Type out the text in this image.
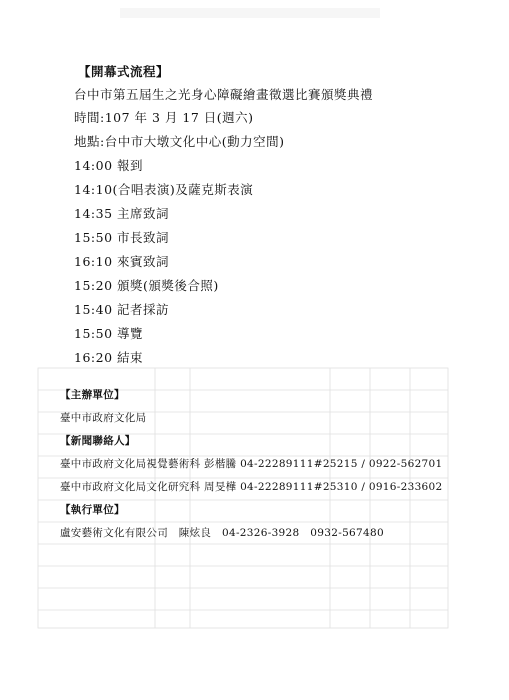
【開幕式流程】
台中市第五屆生之光身心障礙繪畫徵選比賽頒獎典禮
時間:107 年 3 月 17 日(週六)
地點:台中市大墩文化中心(動力空間)
14:00 報到
14:10(合唱表演)及薩克斯表演
14:35 主席致詞
15:50 市長致詞
16:10 來賓致詞
15:20 頒獎(頒獎後合照)
15:40 記者採訪
15:50 導覽
16:20 結束
【主辦單位】
臺中市政府文化局
【新聞聯絡人】
臺中市政府文化局視覺藝術科 彭楷騰 04-22289111#25215 / 0922-562701
臺中市政府文化局文化研究科 周旻樺 04-22289111#25310 / 0916-233602
【執行單位】
盧安藝術文化有限公司　陳炫良　04-2326-3928　0932-567480
